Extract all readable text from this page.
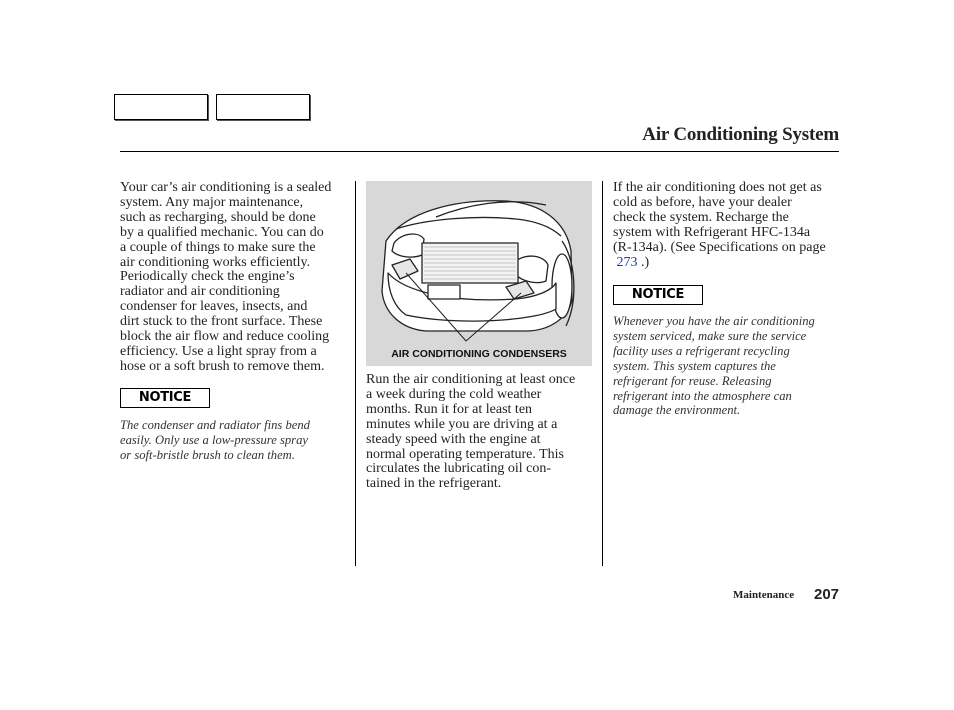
Air Conditioning System
Your car’s air conditioning is a sealed
system. Any major maintenance,
such as recharging, should be done
by a qualified mechanic. You can do
a couple of things to make sure the
air conditioning works efficiently.
Periodically check the engine’s
radiator and air conditioning
condenser for leaves, insects, and
dirt stuck to the front surface. These
block the air flow and reduce cooling
efficiency. Use a light spray from a
hose or a soft brush to remove them.
NOTICE
The condenser and radiator fins bend
easily. Only use a low-pressure spray
or soft-bristle brush to clean them.
AIR CONDITIONING CONDENSERS
Run the air conditioning at least once
a week during the cold weather
months. Run it for at least ten
minutes while you are driving at a
steady speed with the engine at
normal operating temperature. This
circulates the lubricating oil con-
tained in the refrigerant.
If the air conditioning does not get as
cold as before, have your dealer
check the system. Recharge the
system with Refrigerant HFC-134a
(R-134a). (See Specifications on page
273 .)
NOTICE
Whenever you have the air conditioning
system serviced, make sure the service
facility uses a refrigerant recycling
system. This system captures the
refrigerant for reuse. Releasing
refrigerant into the atmosphere can
damage the environment.
Maintenance 207
